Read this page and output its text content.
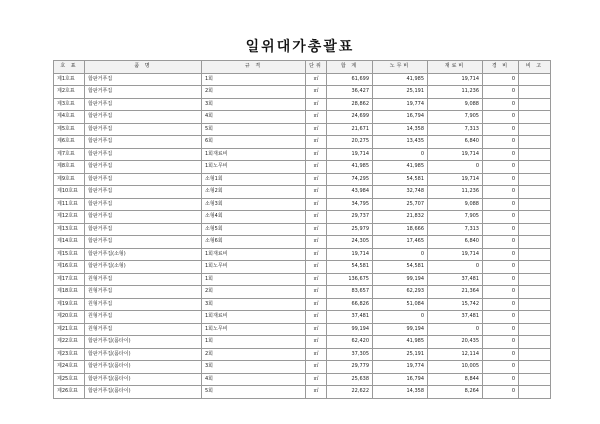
일위대가총괄표
호 표	품 명	규 격	단위	합 계	노무비	재료비	경 비	비 고
제1호표	합판거푸집	1회	㎡	61,699	41,985	19,714	0	
제2호표	합판거푸집	2회	㎡	36,427	25,191	11,236	0	
제3호표	합판거푸집	3회	㎡	28,862	19,774	9,088	0	
제4호표	합판거푸집	4회	㎡	24,699	16,794	7,905	0	
제5호표	합판거푸집	5회	㎡	21,671	14,358	7,313	0	
제6호표	합판거푸집	6회	㎡	20,275	13,435	6,840	0	
제7호표	합판거푸집	1회재료비	㎡	19,714	0	19,714	0	
제8호표	합판거푸집	1회노무비	㎡	41,985	41,985	0	0	
제9호표	합판거푸집	소형1회	㎡	74,295	54,581	19,714	0	
제10호표	합판거푸집	소형2회	㎡	43,984	32,748	11,236	0	
제11호표	합판거푸집	소형3회	㎡	34,795	25,707	9,088	0	
제12호표	합판거푸집	소형4회	㎡	29,737	21,832	7,905	0	
제13호표	합판거푸집	소형5회	㎡	25,979	18,666	7,313	0	
제14호표	합판거푸집	소형6회	㎡	24,305	17,465	6,840	0	
제15호표	합판거푸집(소형)	1회재료비	㎡	19,714	0	19,714	0	
제16호표	합판거푸집(소형)	1회노무비	㎡	54,581	54,581	0	0	
제17호표	원형거푸집	1회	㎡	136,675	99,194	37,481	0	
제18호표	원형거푸집	2회	㎡	83,657	62,293	21,364	0	
제19호표	원형거푸집	3회	㎡	66,826	51,084	15,742	0	
제20호표	원형거푸집	1회재료비	㎡	37,481	0	37,481	0	
제21호표	원형거푸집	1회노무비	㎡	99,194	99,194	0	0	
제22호표	합판거푸집(폼타이)	1회	㎡	62,420	41,985	20,435	0	
제23호표	합판거푸집(폼타이)	2회	㎡	37,305	25,191	12,114	0	
제24호표	합판거푸집(폼타이)	3회	㎡	29,779	19,774	10,005	0	
제25호표	합판거푸집(폼타이)	4회	㎡	25,638	16,794	8,844	0	
제26호표	합판거푸집(폼타이)	5회	㎡	22,622	14,358	8,264	0	
